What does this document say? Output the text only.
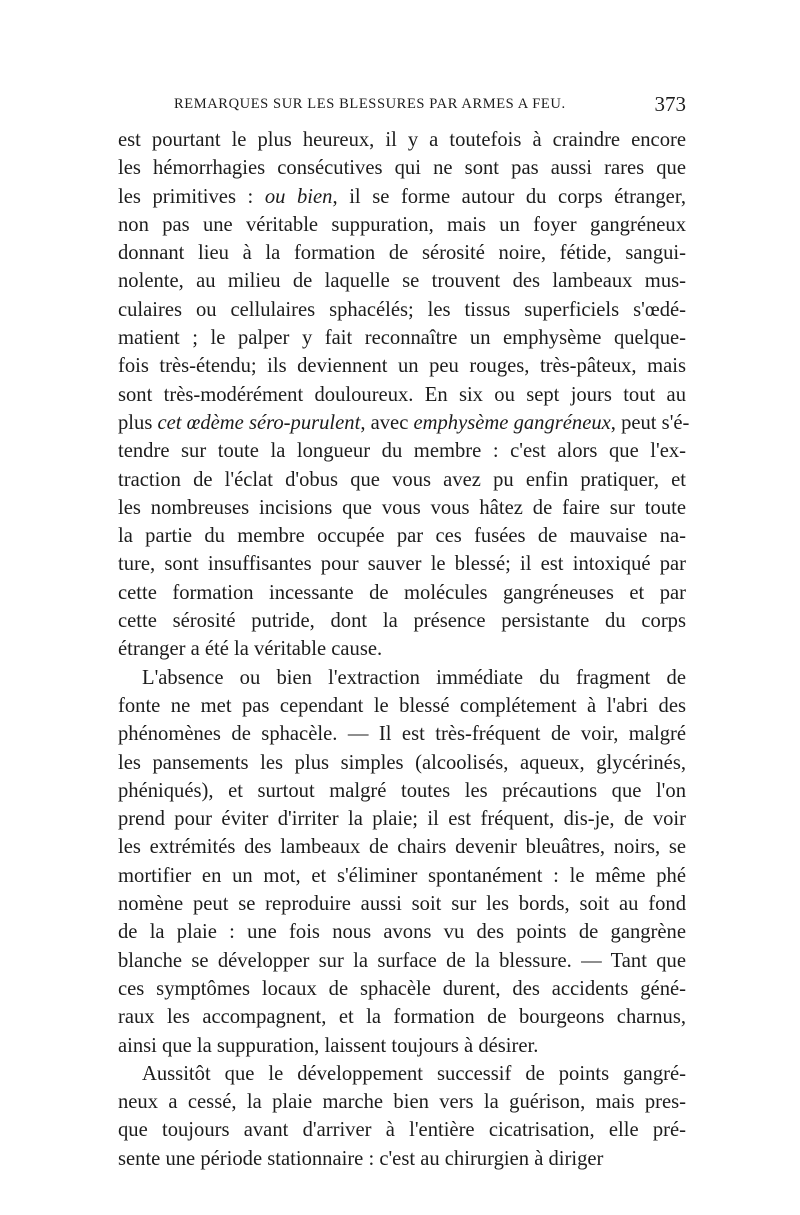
REMARQUES SUR LES BLESSURES PAR ARMES A FEU.	373
est pourtant le plus heureux, il y a toutefois à craindre encore
les hémorrhagies consécutives qui ne sont pas aussi rares que
les primitives : ou bien, il se forme autour du corps étranger,
non pas une véritable suppuration, mais un foyer gangréneux
donnant lieu à la formation de sérosité noire, fétide, sangui-
nolente, au milieu de laquelle se trouvent des lambeaux mus-
culaires ou cellulaires sphacélés; les tissus superficiels s'œdé-
matient ; le palper y fait reconnaître un emphysème quelque-
fois très-étendu; ils deviennent un peu rouges, très-pâteux, mais
sont très-modérément douloureux. En six ou sept jours tout au
plus cet œdème séro-purulent, avec emphysème gangréneux, peut s'é-
tendre sur toute la longueur du membre : c'est alors que l'ex-
traction de l'éclat d'obus que vous avez pu enfin pratiquer, et
les nombreuses incisions que vous vous hâtez de faire sur toute
la partie du membre occupée par ces fusées de mauvaise na-
ture, sont insuffisantes pour sauver le blessé; il est intoxiqué par
cette formation incessante de molécules gangréneuses et par
cette sérosité putride, dont la présence persistante du corps
étranger a été la véritable cause.
L'absence ou bien l'extraction immédiate du fragment de
fonte ne met pas cependant le blessé complétement à l'abri des
phénomènes de sphacèle. — Il est très-fréquent de voir, malgré
les pansements les plus simples (alcoolisés, aqueux, glycérinés,
phéniqués), et surtout malgré toutes les précautions que l'on
prend pour éviter d'irriter la plaie; il est fréquent, dis-je, de voir
les extrémités des lambeaux de chairs devenir bleuâtres, noirs, se
mortifier en un mot, et s'éliminer spontanément : le même phé
nomène peut se reproduire aussi soit sur les bords, soit au fond
de la plaie : une fois nous avons vu des points de gangrène
blanche se développer sur la surface de la blessure. — Tant que
ces symptômes locaux de sphacèle durent, des accidents géné-
raux les accompagnent, et la formation de bourgeons charnus,
ainsi que la suppuration, laissent toujours à désirer.
Aussitôt que le développement successif de points gangré-
neux a cessé, la plaie marche bien vers la guérison, mais pres-
que toujours avant d'arriver à l'entière cicatrisation, elle pré-
sente une période stationnaire : c'est au chirurgien à diriger
